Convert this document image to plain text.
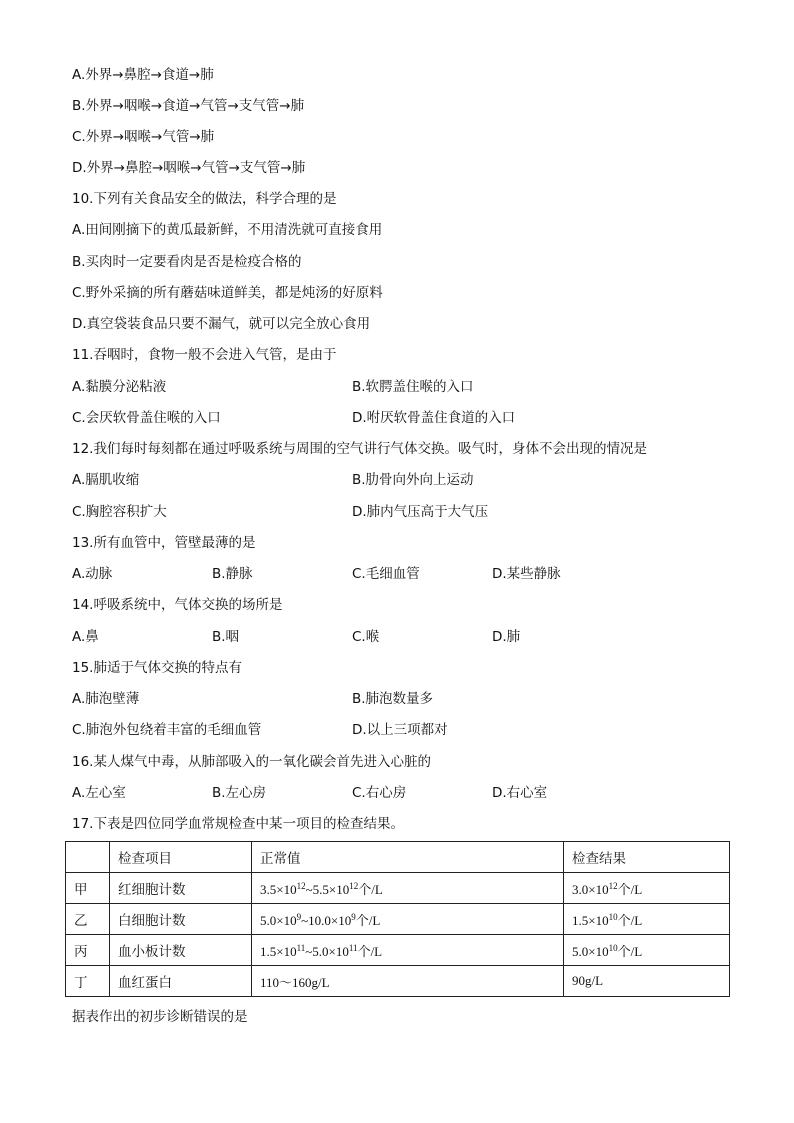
A.外界→鼻腔→食道→肺
B.外界→咽喉→食道→气管→支气管→肺
C.外界→咽喉→气管→肺
D.外界→鼻腔→咽喉→气管→支气管→肺
10.下列有关食品安全的做法，科学合理的是
A.田间刚摘下的黄瓜最新鲜，不用清洗就可直接食用
B.买肉时一定要看肉是否是检疫合格的
C.野外采摘的所有蘑菇味道鲜美，都是炖汤的好原料
D.真空袋装食品只要不漏气，就可以完全放心食用
11.吞咽时，食物一般不会进入气管，是由于
A.黏膜分泌粘液	B.软腭盖住喉的入口
C.会厌软骨盖住喉的入口	D.咐厌软骨盖住食道的入口
12.我们每时每刻都在通过呼吸系统与周围的空气讲行气体交换。吸气时，身体不会出现的情况是
A.膈肌收缩	B.肋骨向外向上运动
C.胸腔容积扩大	D.肺内气压高于大气压
13.所有血管中，管壁最薄的是
A.动脉	B.静脉	C.毛细血管	D.某些静脉
14.呼吸系统中，气体交换的场所是
A.鼻	B.咽	C.喉	D.肺
15.肺适于气体交换的特点有
A.肺泡壁薄	B.肺泡数量多
C.肺泡外包绕着丰富的毛细血管	D.以上三项都对
16.某人煤气中毒，从肺部吸入的一氧化碳会首先进入心脏的
A.左心室	B.左心房	C.右心房	D.右心室
17.下表是四位同学血常规检查中某一项目的检查结果。
	检查项目	正常值	检查结果
甲	红细胞计数	$3.5\times 10^{12}\sim 5.5\times 10^{12}$个/L	$3.0\times 10^{12}$个/L
乙	白细胞计数	$5.0\times 10^9\sim 10.0\times 10^9$个/L	$1.5\times 10^{10}$个/L
丙	血小板计数	$1.5\times 10^{11}\sim 5.0\times 10^{11}$个/L	$5.0\times 10^{10}$个/L
丁	血红蛋白	110～160g/L	90g/L
据表作出的初步诊断错误的是
